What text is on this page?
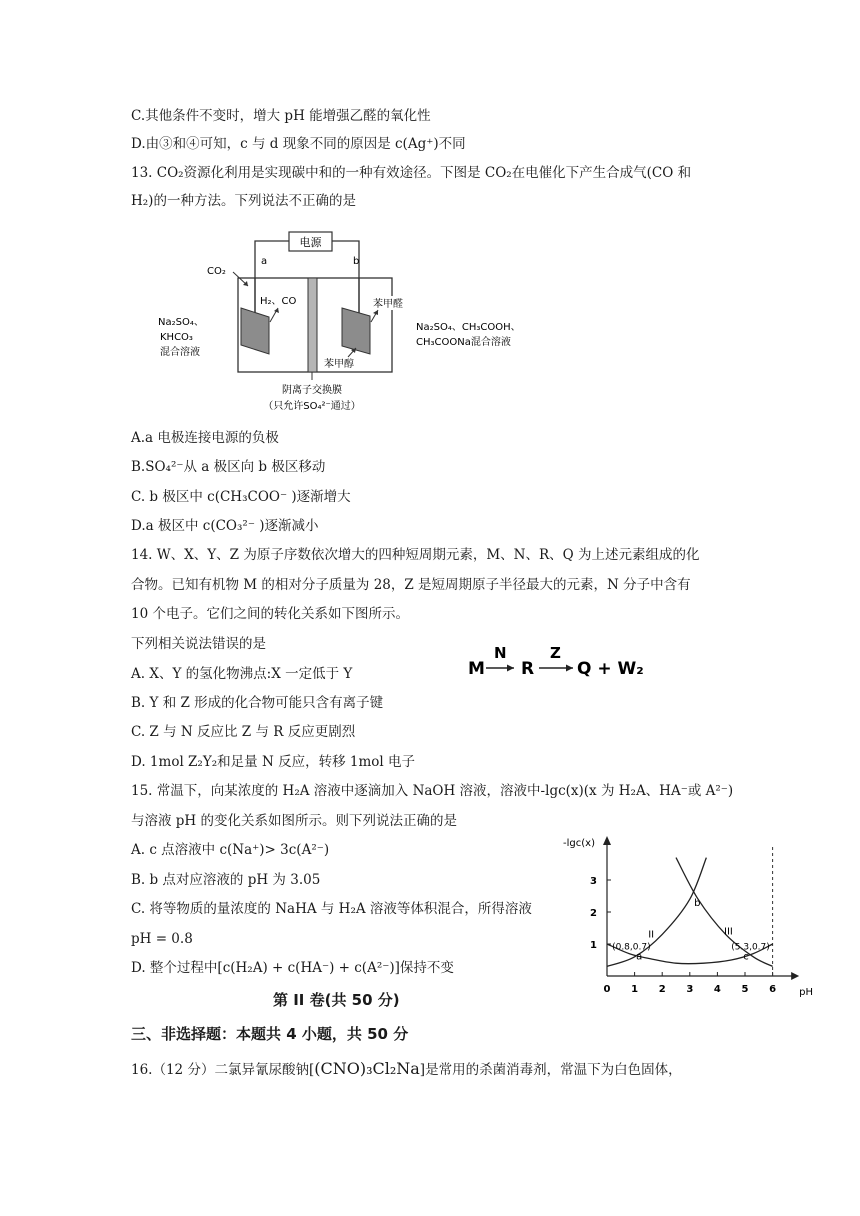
C.其他条件不变时，增大 pH 能增强乙醛的氧化性
D.由③和④可知，c 与 d 现象不同的原因是 c(Ag⁺)不同
13. CO₂资源化利用是实现碳中和的一种有效途径。下图是 CO₂在电催化下产生合成气(CO 和
H₂)的一种方法。下列说法不正确的是
电源
a	b
CO₂
H₂、CO	苯甲醛
苯甲醇
Na₂SO₄、
KHCO₃
混合溶液
Na₂SO₄、CH₃COOH、
CH₃COONa混合溶液
阴离子交换膜
（只允许SO₄²⁻通过）
A.a 电极连接电源的负极
B.SO₄²⁻从 a 极区向 b 极区移动
C. b 极区中 c(CH₃COO⁻ )逐渐增大
D.a 极区中 c(CO₃²⁻ )逐渐减小
14. W、X、Y、Z 为原子序数依次增大的四种短周期元素，M、N、R、Q 为上述元素组成的化
合物。已知有机物 M 的相对分子质量为 28，Z 是短周期原子半径最大的元素，N 分子中含有
10 个电子。它们之间的转化关系如下图所示。
下列相关说法错误的是
M
N
R
Z
Q + W₂
A. X、Y 的氢化物沸点:X 一定低于 Y
B. Y 和 Z 形成的化合物可能只含有离子键
C. Z 与 N 反应比 Z 与 R 反应更剧烈
D. 1mol Z₂Y₂和足量 N 反应，转移 1mol 电子
15. 常温下，向某浓度的 H₂A 溶液中逐滴加入 NaOH 溶液，溶液中-lgc(x)(x 为 H₂A、HA⁻或 A²⁻)
与溶液 pH 的变化关系如图所示。则下列说法正确的是
A. c 点溶液中 c(Na⁺)> 3c(A²⁻)
B. b 点对应溶液的 pH 为 3.05
C. 将等物质的量浓度的 NaHA 与 H₂A 溶液等体积混合，所得溶液
pH = 0.8
D. 整个过程中[c(H₂A) + c(HA⁻) + c(A²⁻)]保持不变
-lgc(x)
pH
0 1 2 3 4 5 6
1
2
3
II	III
a
(0.8,0.7)
b
c
(5.3,0.7)
第 II 卷(共 50 分)
三、非选择题：本题共 4 小题，共 50 分
16.（12 分）二氯异氰尿酸钠[(CNO)₃Cl₂Na]是常用的杀菌消毒剂，常温下为白色固体，
